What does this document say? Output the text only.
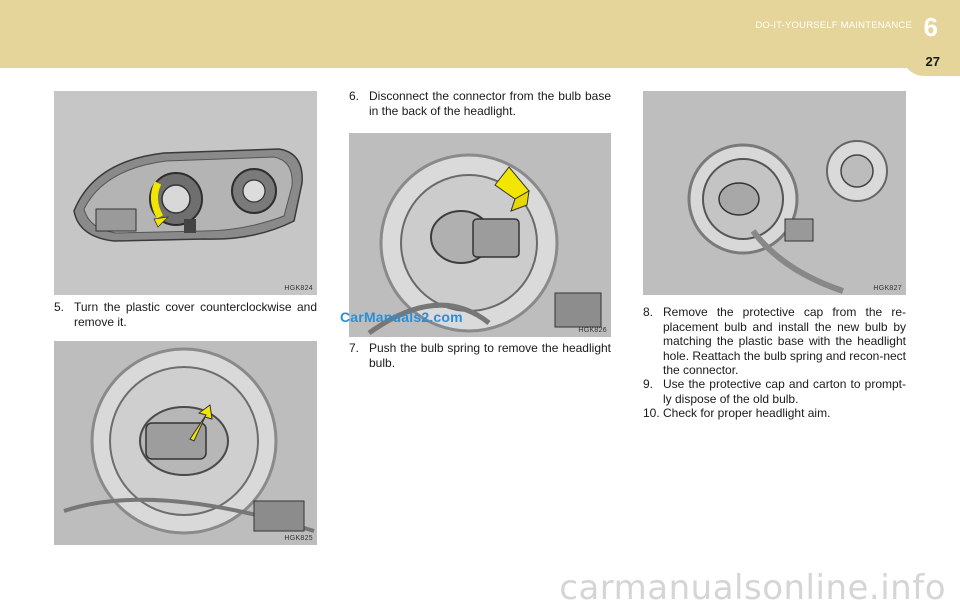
DO-IT-YOURSELF MAINTENANCE 6
27
HGK824
5. Turn the plastic cover counterclockwise and remove it.
HGK825
6. Disconnect the connector from the bulb base in the back of the headlight.
HGK826
CarManuals2.com
7. Push the bulb spring to remove the headlight bulb.
HGK827
8. Remove the protective cap from the re-placement bulb and install the new bulb by matching the plastic base with the headlight hole. Reattach the bulb spring and recon-nect the connector.
9. Use the protective cap and carton to prompt-ly dispose of the old bulb.
10. Check for proper headlight aim.
carmanualsonline.info
